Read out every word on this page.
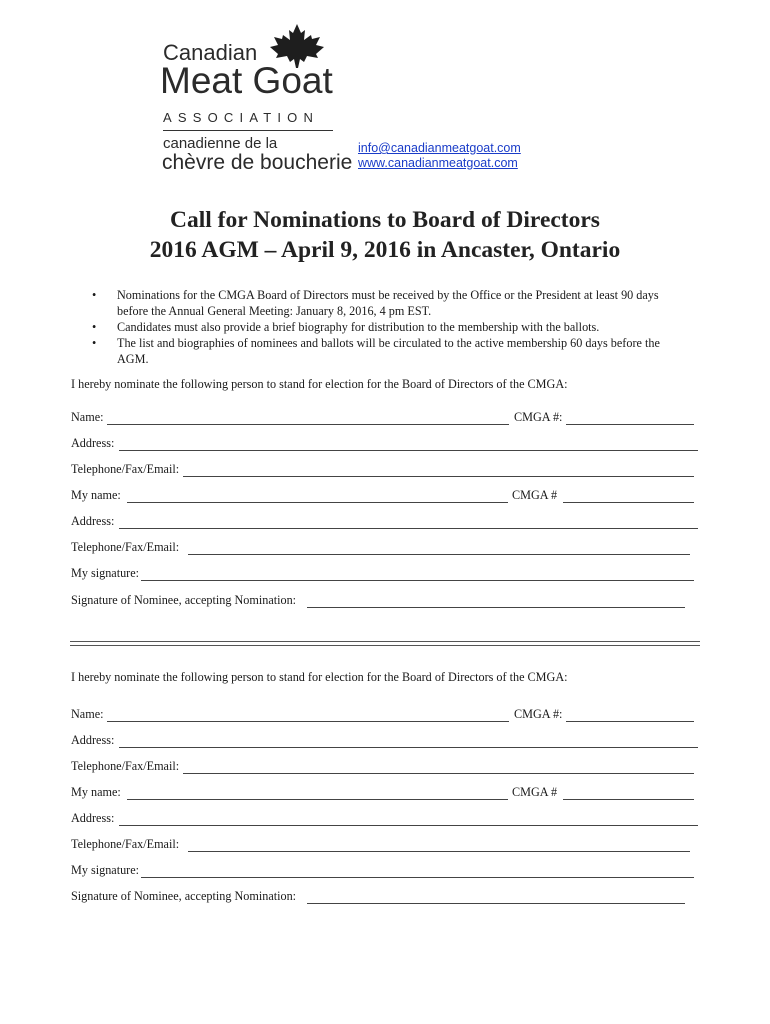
Canadian
Meat Goat
ASSOCIATION
canadienne de la
chèvre de boucherie
info@canadianmeatgoat.com
www.canadianmeatgoat.com
Call for Nominations to Board of Directors
2016 AGM – April 9, 2016 in Ancaster, Ontario
•	Nominations for the CMGA Board of Directors must be received by the Office or the President at least 90 days before the Annual General Meeting: January 8, 2016, 4 pm EST.
•	Candidates must also provide a brief biography for distribution to the membership with the ballots.
•	The list and biographies of nominees and ballots will be circulated to the active membership 60 days before the AGM.
I hereby nominate the following person to stand for election for the Board of Directors of the CMGA:
Name:	CMGA #:
Address:
Telephone/Fax/Email:
My name:	CMGA #
Address:
Telephone/Fax/Email:
My signature:
Signature of Nominee, accepting Nomination:
I hereby nominate the following person to stand for election for the Board of Directors of the CMGA:
Name:	CMGA #:
Address:
Telephone/Fax/Email:
My name:	CMGA #
Address:
Telephone/Fax/Email:
My signature:
Signature of Nominee, accepting Nomination:
